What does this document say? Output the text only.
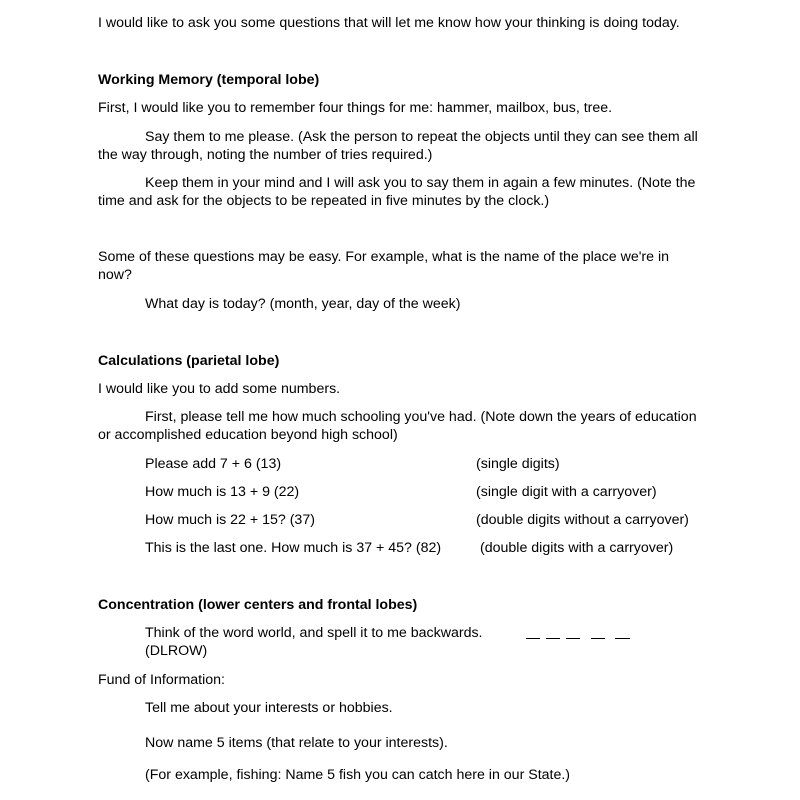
I would like to ask you some questions that will let me know how your thinking is doing today.
Working Memory (temporal lobe)
First, I would like you to remember four things for me: hammer, mailbox, bus, tree.
Say them to me please. (Ask the person to repeat the objects until they can see them all
the way through, noting the number of tries required.)
Keep them in your mind and I will ask you to say them in again a few minutes. (Note the
time and ask for the objects to be repeated in five minutes by the clock.)
Some of these questions may be easy. For example, what is the name of the place we're in
now?
What day is today? (month, year, day of the week)
Calculations (parietal lobe)
I would like you to add some numbers.
First, please tell me how much schooling you've had. (Note down the years of education
or accomplished education beyond high school)
Please add 7 + 6 (13)	(single digits)
How much is 13 + 9 (22)	(single digit with a carryover)
How much is 22 + 15? (37)	(double digits without a carryover)
This is the last one. How much is 37 + 45? (82)	(double digits with a carryover)
Concentration (lower centers and frontal lobes)
Think of the word world, and spell it to me backwards.
(DLROW)
Fund of Information:
Tell me about your interests or hobbies.
Now name 5 items (that relate to your interests).
(For example, fishing: Name 5 fish you can catch here in our State.)
